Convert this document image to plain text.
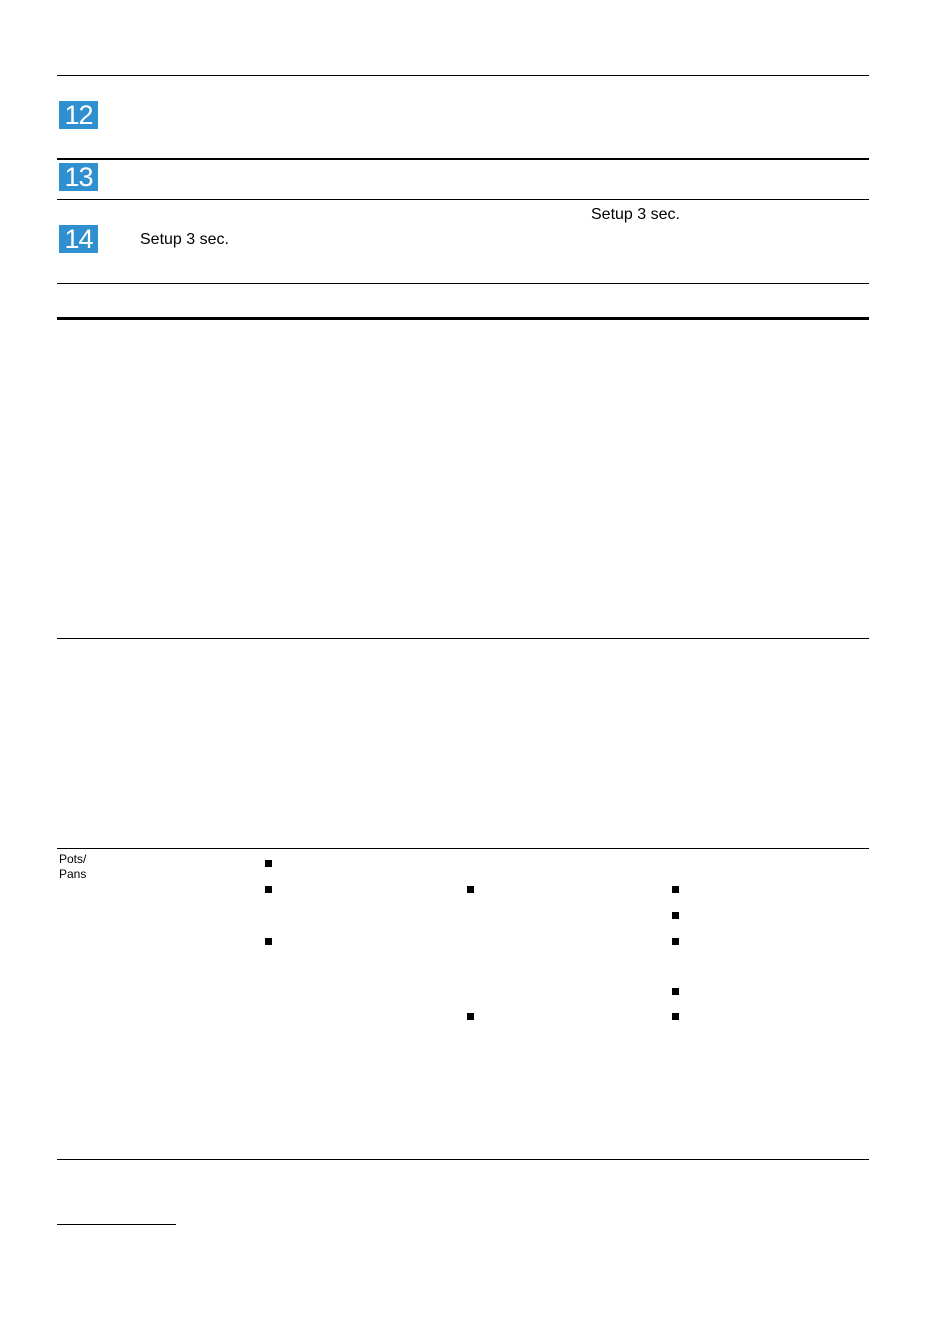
12
13
Setup 3 sec.
14	Setup 3 sec.
Pots/
Pans
